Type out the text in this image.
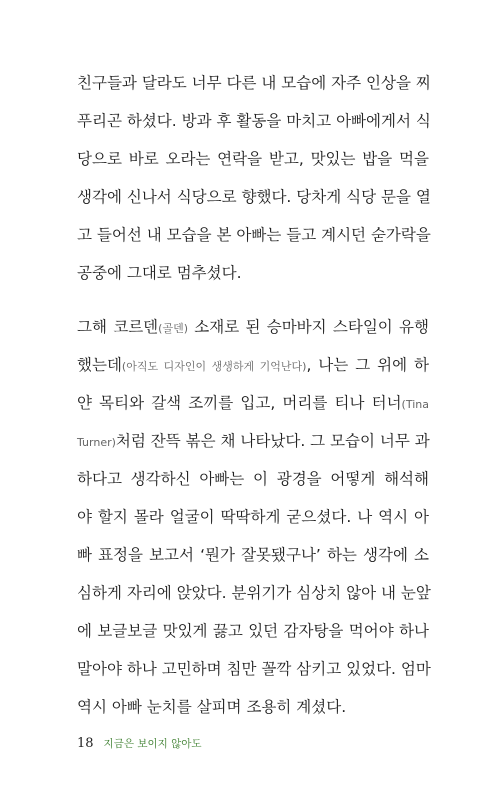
친구들과 달라도 너무 다른 내 모습에 자주 인상을 찌
푸리곤 하셨다. 방과 후 활동을 마치고 아빠에게서 식
당으로 바로 오라는 연락을 받고, 맛있는 밥을 먹을
생각에 신나서 식당으로 향했다. 당차게 식당 문을 열
고 들어선 내 모습을 본 아빠는 들고 계시던 숟가락을
공중에 그대로 멈추셨다.
그해 코르덴(골덴) 소재로 된 승마바지 스타일이 유행
했는데(아직도 디자인이 생생하게 기억난다), 나는 그 위에 하
얀 목티와 갈색 조끼를 입고, 머리를 티나 터너(Tina
Turner)처럼 잔뜩 볶은 채 나타났다. 그 모습이 너무 과
하다고 생각하신 아빠는 이 광경을 어떻게 해석해
야 할지 몰라 얼굴이 딱딱하게 굳으셨다. 나 역시 아
빠 표정을 보고서 ‘뭔가 잘못됐구나’ 하는 생각에 소
심하게 자리에 앉았다. 분위기가 심상치 않아 내 눈앞
에 보글보글 맛있게 끓고 있던 감자탕을 먹어야 하나
말아야 하나 고민하며 침만 꼴깍 삼키고 있었다. 엄마
역시 아빠 눈치를 살피며 조용히 계셨다.
18 지금은 보이지 않아도
